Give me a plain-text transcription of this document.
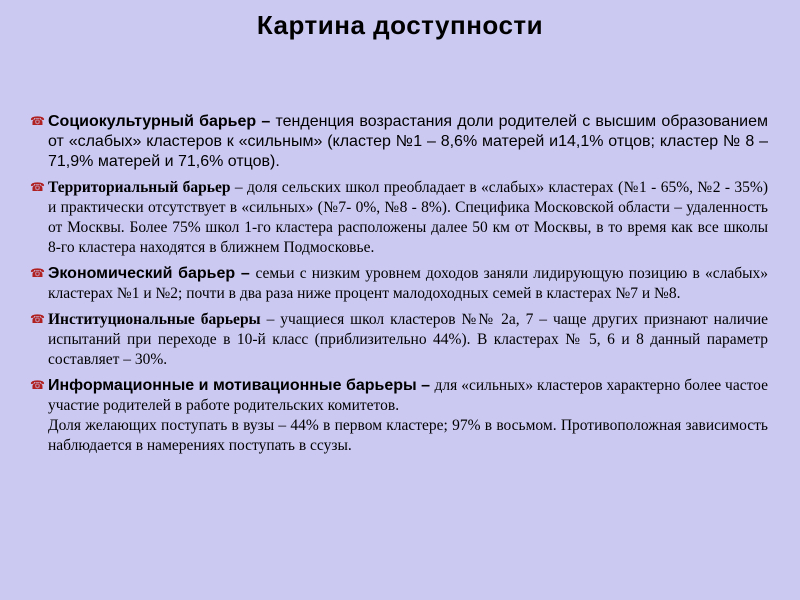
Картина доступности
☎ Социокультурный барьер – тенденция возрастания доли родителей с высшим образованием от «слабых» кластеров к «сильным» (кластер №1 – 8,6% матерей и14,1% отцов; кластер № 8 – 71,9% матерей и 71,6% отцов).
☎ Территориальный барьер – доля сельских школ преобладает в «слабых» кластерах (№1 - 65%, №2 - 35%) и практически отсутствует в «сильных» (№7- 0%, №8 - 8%). Специфика Московской области – удаленность от Москвы. Более 75% школ 1-го кластера расположены далее 50 км от Москвы, в то время как все школы 8-го кластера находятся в ближнем Подмосковье.
☎ Экономический барьер – семьи с низким уровнем доходов заняли лидирующую позицию в «слабых» кластерах №1 и №2; почти в два раза ниже процент малодоходных семей в кластерах №7 и №8.
☎ Институциональные барьеры – учащиеся школ кластеров №№ 2а, 7 – чаще других признают наличие испытаний при переходе в 10-й класс (приблизительно 44%). В кластерах № 5, 6 и 8 данный параметр составляет – 30%.
☎ Информационные и мотивационные барьеры – для «сильных» кластеров характерно более частое участие родителей в работе родительских комитетов.
Доля желающих поступать в вузы – 44% в первом кластере; 97% в восьмом. Противоположная зависимость наблюдается в намерениях поступать в ссузы.
